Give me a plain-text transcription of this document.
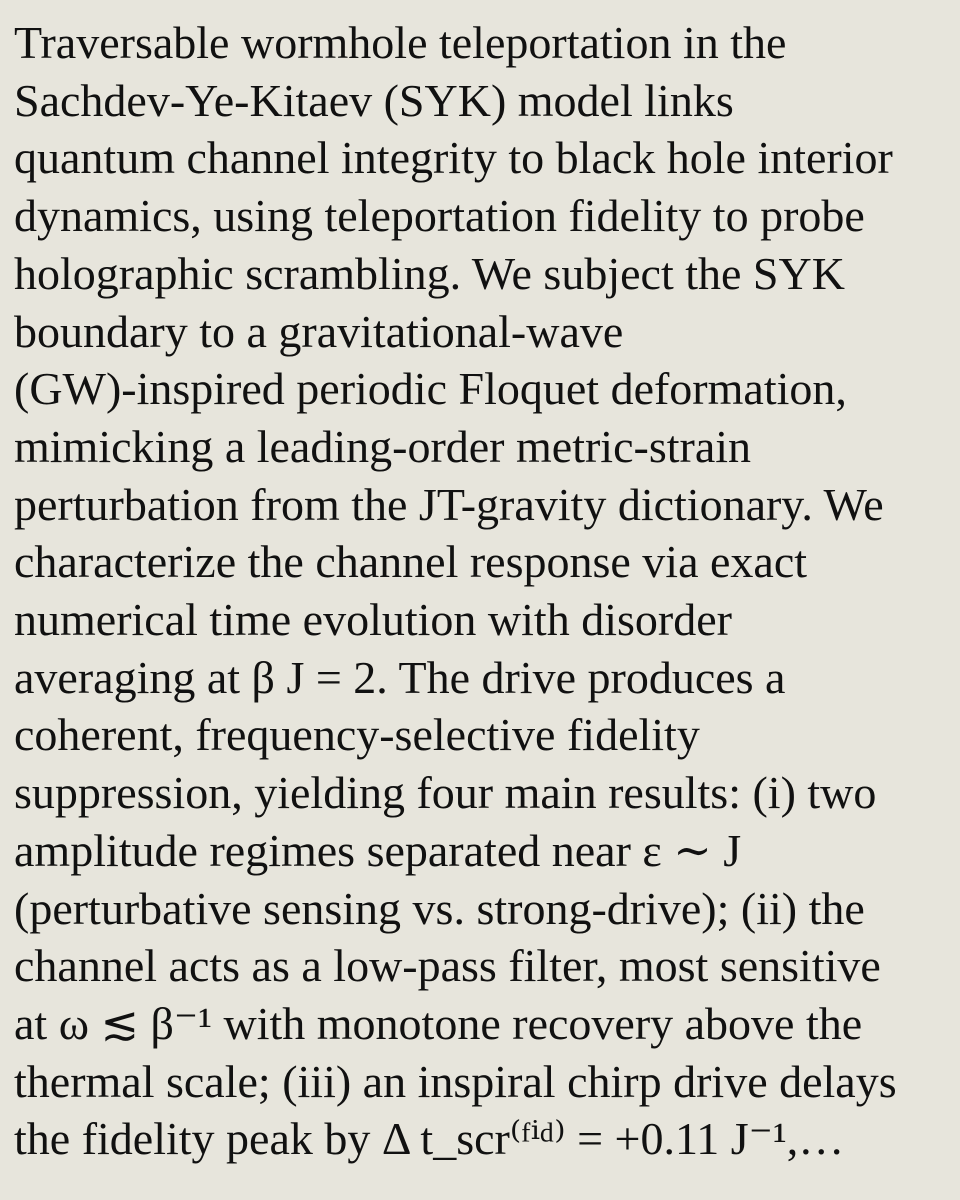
Traversable wormhole teleportation in the
Sachdev-Ye-Kitaev (SYK) model links
quantum channel integrity to black hole interior
dynamics, using teleportation fidelity to probe
holographic scrambling. We subject the SYK
boundary to a gravitational-wave
(GW)-inspired periodic Floquet deformation,
mimicking a leading-order metric-strain
perturbation from the JT-gravity dictionary. We
characterize the channel response via exact
numerical time evolution with disorder
averaging at β J = 2. The drive produces a
coherent, frequency-selective fidelity
suppression, yielding four main results: (i) two
amplitude regimes separated near ε ∼ J
(perturbative sensing vs. strong-drive); (ii) the
channel acts as a low-pass filter, most sensitive
at ω ≲ β⁻¹ with monotone recovery above the
thermal scale; (iii) an inspiral chirp drive delays
the fidelity peak by Δ t_scr⁽ᶠⁱᵈ⁾ = +0.11 J⁻¹,…
